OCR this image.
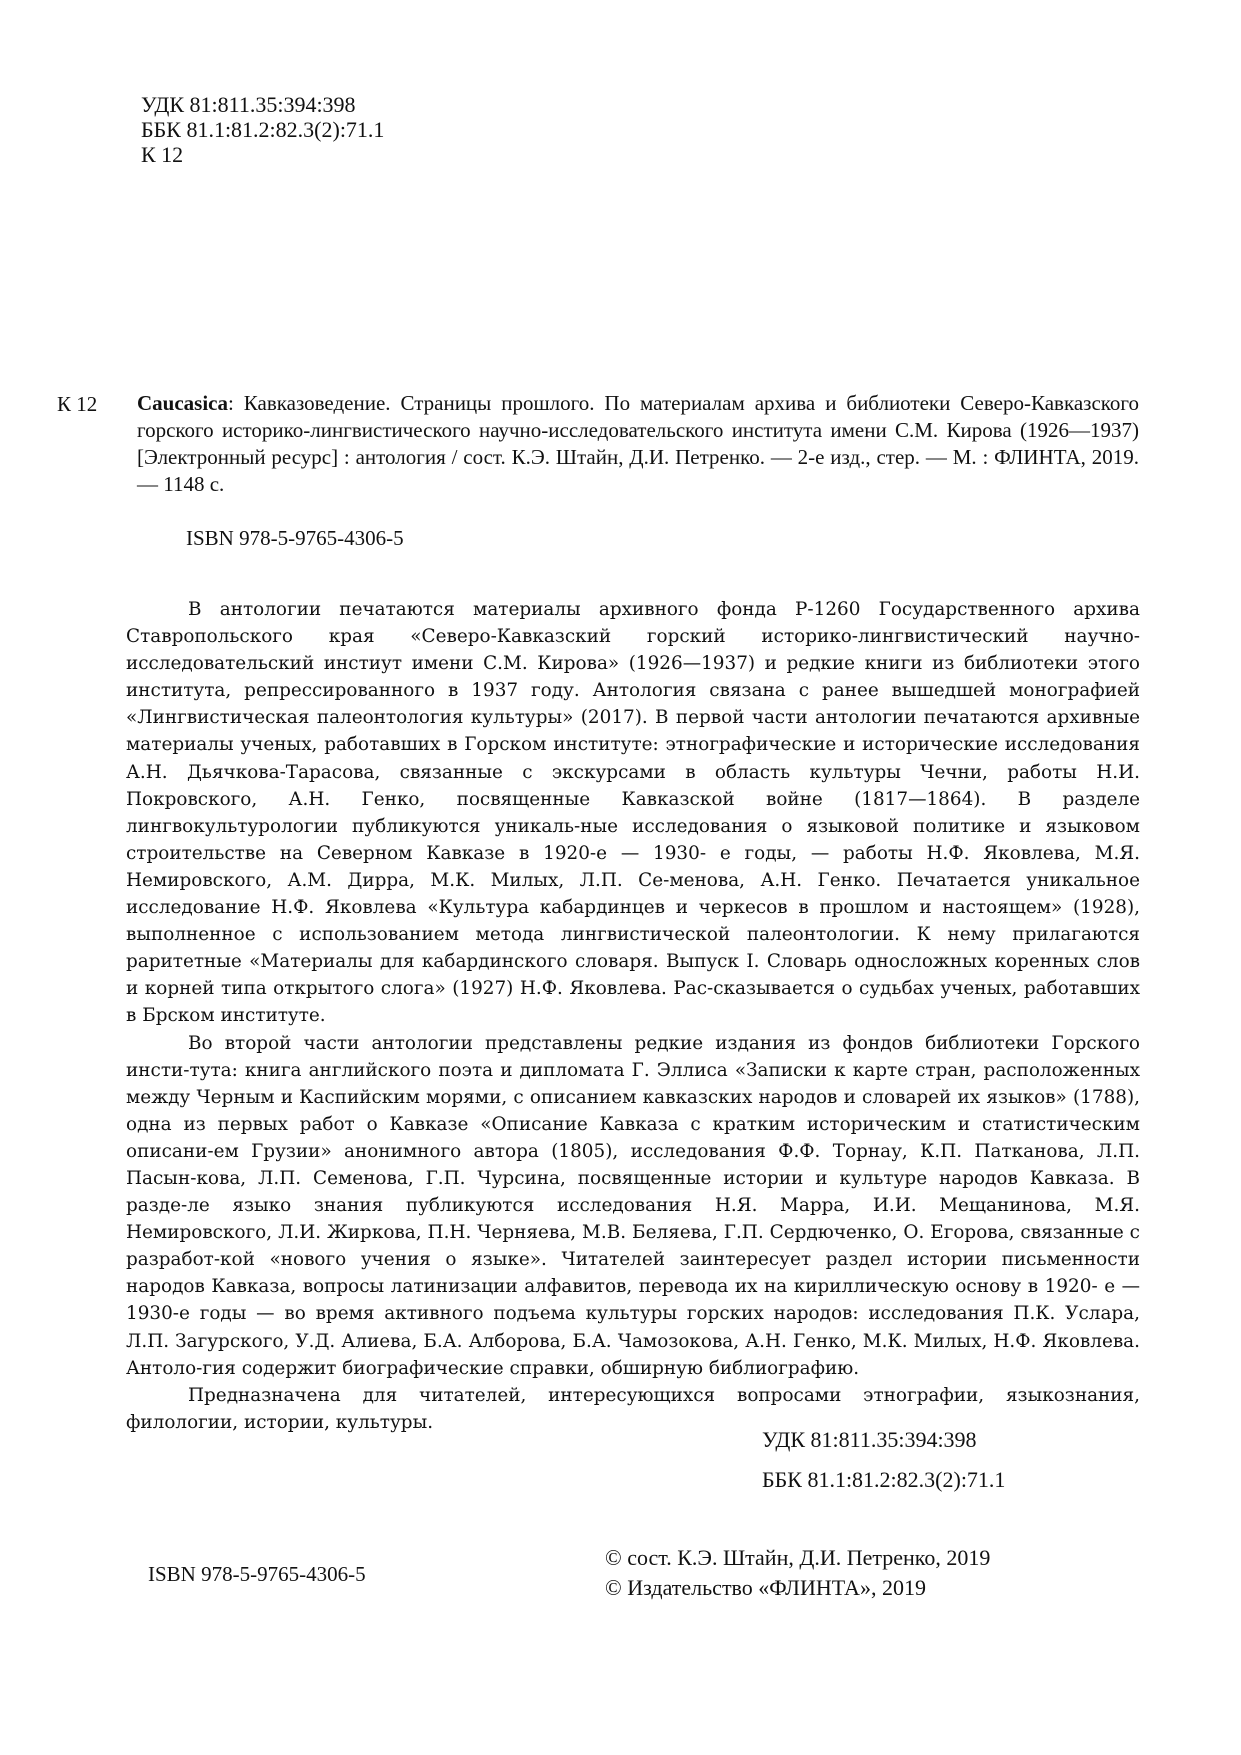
УДК 81:811.35:394:398
ББК 81.1:81.2:82.3(2):71.1
К 12
К 12 Caucasica: Кавказоведение. Страницы прошлого. По материалам архива и библиотеки Северо-Кавказского горского историко-лингвистического научно-исследовательского института имени С.М. Кирова (1926—1937) [Электронный ресурс] : антология / сост. К.Э. Штайн, Д.И. Петренко. — 2-е изд., стер. — М. : ФЛИНТА, 2019. — 1148 с.
ISBN 978-5-9765-4306-5

В антологии печатаются материалы архивного фонда Р-1260 Государственного архива Ставропольского края «Северо-Кавказский горский историко-лингвистический научно-исследовательский инстиут имени С.М. Кирова» (1926—1937) и редкие книги из библиотеки этого института, репрессированного в 1937 году. Антология связана с ранее вышедшей монографией «Лингвистическая палеонтология культуры» (2017). В первой части антологии печатаются архивные материалы ученых, работавших в Горском институте: этнографические и исторические исследования А.Н. Дьячкова-Тарасова, связанные с экскурсами в область культуры Чечни, работы Н.И. Покровского, А.Н. Генко, посвященные Кавказской войне (1817—1864). В разделе лингвокультурологии публикуются уникаль-ные исследования о языковой политике и языковом строительстве на Северном Кавказе в 1920-е — 1930- е годы, — работы Н.Ф. Яковлева, М.Я. Немировского, А.М. Дирра, М.К. Милых, Л.П. Се-менова, А.Н. Генко. Печатается уникальное исследование Н.Ф. Яковлева «Культура кабардинцев и черкесов в прошлом и настоящем» (1928), выполненное с использованием метода лингвистической палеонтологии. К нему прилагаются раритетные «Материалы для кабардинского словаря. Выпуск I. Словарь односложных коренных слов и корней типа открытого слога» (1927) Н.Ф. Яковлева. Рас-сказывается о судьбах ученых, работавших в Брском институте.

Во второй части антологии представлены редкие издания из фондов библиотеки Горского инсти-тута: книга английского поэта и дипломата Г. Эллиса «Записки к карте стран, расположенных между Черным и Каспийским морями, с описанием кавказских народов и словарей их языков» (1788), одна из первых работ о Кавказе «Описание Кавказа с кратким историческим и статистическим описани-ем Грузии» анонимного автора (1805), исследования Ф.Ф. Торнау, К.П. Патканова, Л.П. Пасын-кова, Л.П. Семенова, Г.П. Чурсина, посвященные истории и культуре народов Кавказа. В разде-ле языко знания публикуются исследования Н.Я. Марра, И.И. Мещанинова, М.Я. Немировского, Л.И. Жиркова, П.Н. Черняева, М.В. Беляева, Г.П. Сердюченко, О. Егорова, связанные с разработ-кой «нового учения о языке». Читателей заинтересует раздел истории письменности народов Кавказа, вопросы латинизации алфавитов, перевода их на кириллическую основу в 1920- е — 1930-е годы — во время активного подъема культуры горских народов: исследования П.К. Услара, Л.П. Загурского, У.Д. Алиева, Б.А. Алборова, Б.А. Чамозокова, А.Н. Генко, М.К. Милых, Н.Ф. Яковлева. Антоло-гия содержит биографические справки, обширную библиографию.

Предназначена для читателей, интересующихся вопросами этнографии, языкознания, филологии, истории, культуры.

УДК 81:811.35:394:398
ББК 81.1:81.2:82.3(2):71.1
ISBN 978-5-9765-4306-5
© сост. К.Э. Штайн, Д.И. Петренко, 2019
© Издательство «ФЛИНТА», 2019
